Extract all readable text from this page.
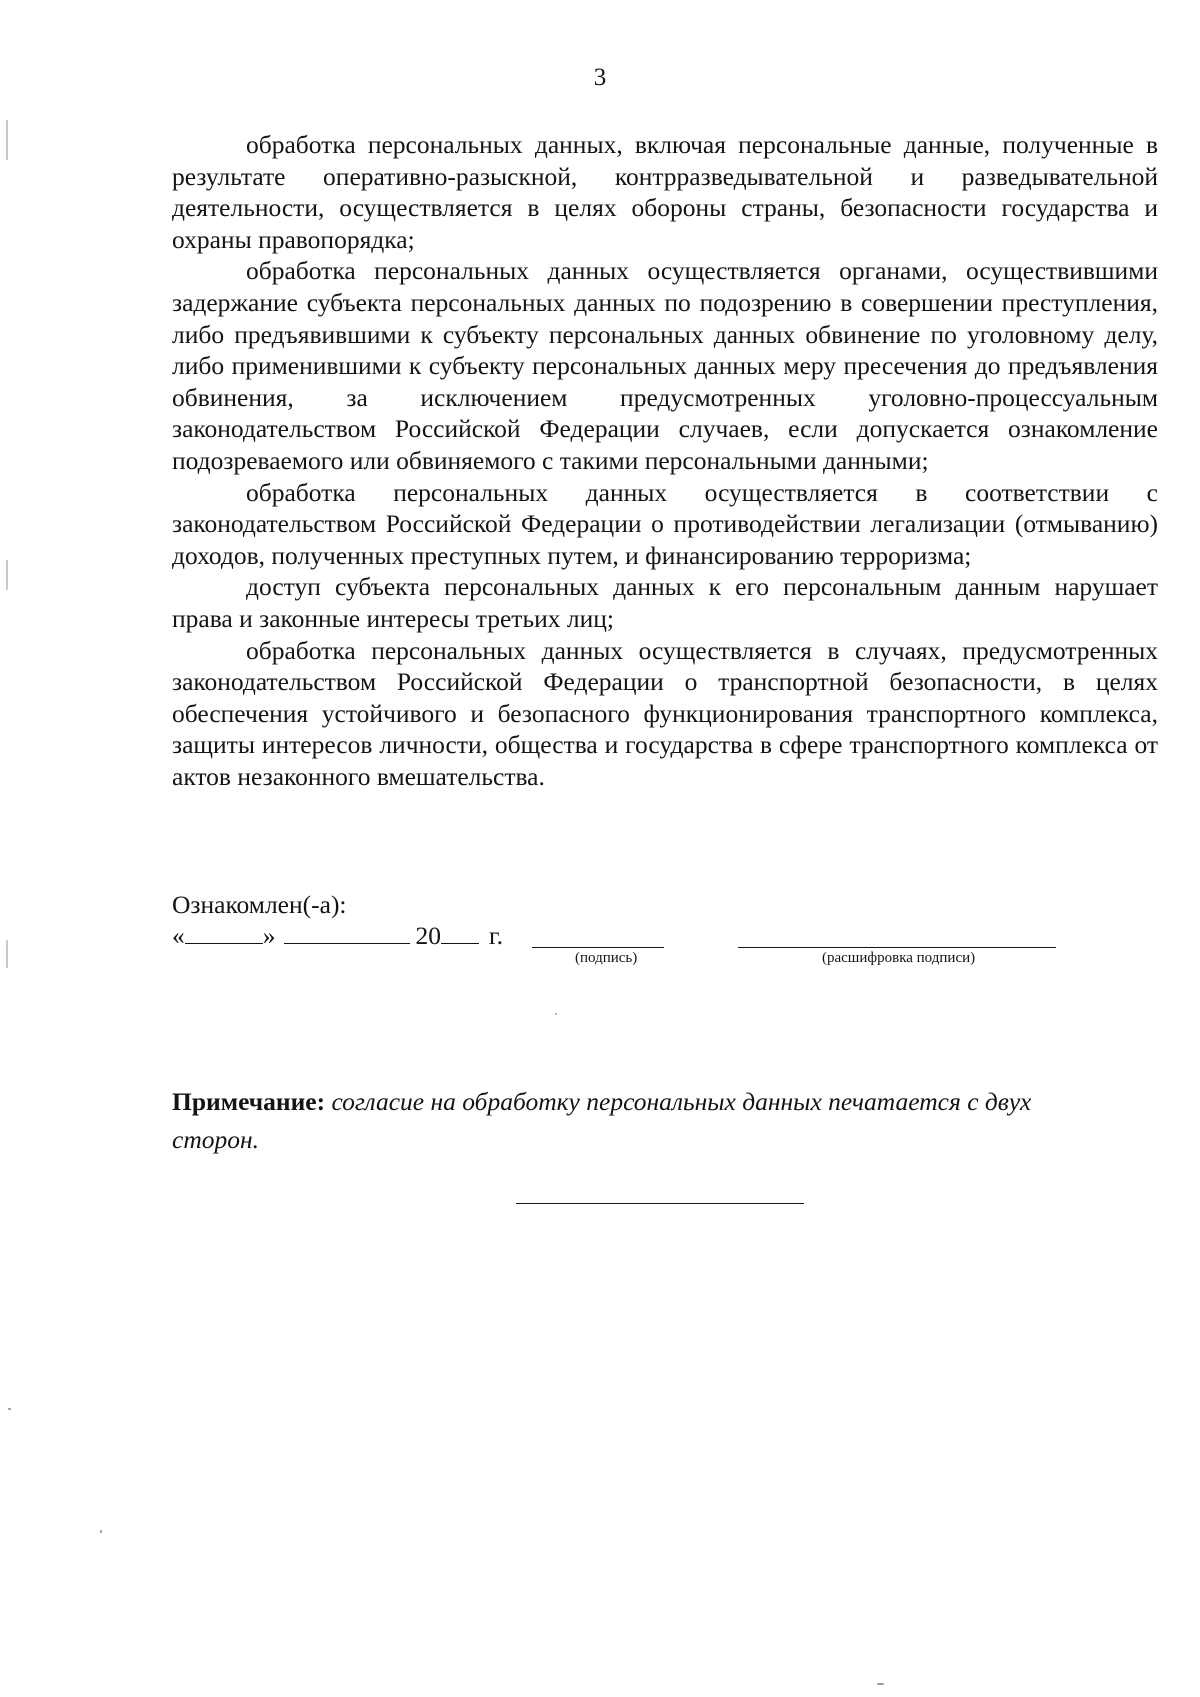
3

обработка персональных данных, включая персональные данные, полученные в результате оперативно-разыскной, контрразведывательной и разведывательной деятельности, осуществляется в целях обороны страны, безопасности государства и охраны правопорядка;

обработка персональных данных осуществляется органами, осуществившими задержание субъекта персональных данных по подозрению в совершении преступления, либо предъявившими к субъекту персональных данных обвинение по уголовному делу, либо применившими к субъекту персональных данных меру пресечения до предъявления обвинения, за исключением предусмотренных уголовно-процессуальным законодательством Российской Федерации случаев, если допускается ознакомление подозреваемого или обвиняемого с такими персональными данными;

обработка персональных данных осуществляется в соответствии с законодательством Российской Федерации о противодействии легализации (отмыванию) доходов, полученных преступных путем, и финансированию терроризма;

доступ субъекта персональных данных к его персональным данным нарушает права и законные интересы третьих лиц;

обработка персональных данных осуществляется в случаях, предусмотренных законодательством Российской Федерации о транспортной безопасности, в целях обеспечения устойчивого и безопасного функционирования транспортного комплекса, защиты интересов личности, общества и государства в сфере транспортного комплекса от актов незаконного вмешательства.

Ознакомлен(-а):
«	»	20 г.
(подпись)	(расшифровка подписи)
Примечание: согласие на обработку персональных данных печатается с двух сторон.
